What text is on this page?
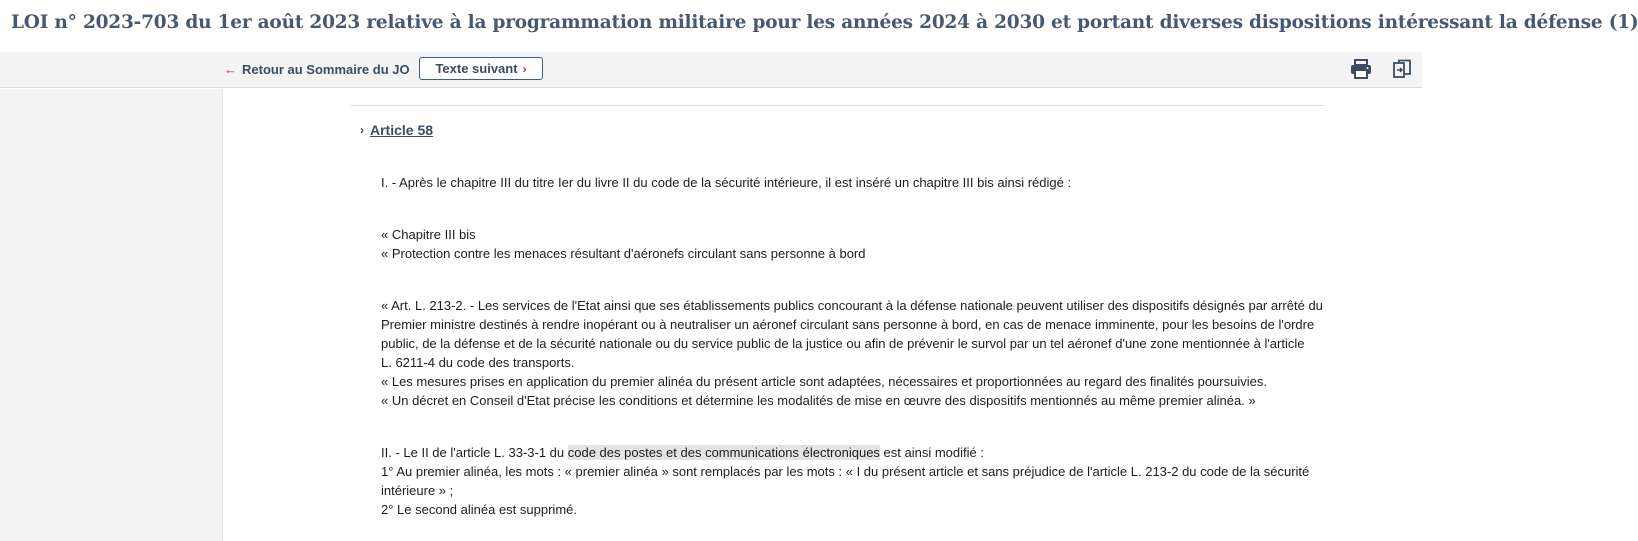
LOI n° 2023-703 du 1er août 2023 relative à la programmation militaire pour les années 2024 à 2030 et portant diverses dispositions intéressant la défense (1)
← Retour au Sommaire du JO Texte suivant ›
› Article 58
I. - Après le chapitre III du titre Ier du livre II du code de la sécurité intérieure, il est inséré un chapitre III bis ainsi rédigé :
« Chapitre III bis
« Protection contre les menaces résultant d'aéronefs circulant sans personne à bord
« Art. L. 213-2. - Les services de l'Etat ainsi que ses établissements publics concourant à la défense nationale peuvent utiliser des dispositifs désignés par arrêté du
Premier ministre destinés à rendre inopérant ou à neutraliser un aéronef circulant sans personne à bord, en cas de menace imminente, pour les besoins de l'ordre
public, de la défense et de la sécurité nationale ou du service public de la justice ou afin de prévenir le survol par un tel aéronef d'une zone mentionnée à l'article
L. 6211-4 du code des transports.
« Les mesures prises en application du premier alinéa du présent article sont adaptées, nécessaires et proportionnées au regard des finalités poursuivies.
« Un décret en Conseil d'Etat précise les conditions et détermine les modalités de mise en œuvre des dispositifs mentionnés au même premier alinéa. »
II. - Le II de l'article L. 33-3-1 du code des postes et des communications électroniques est ainsi modifié :
1° Au premier alinéa, les mots : « premier alinéa » sont remplacés par les mots : « I du présent article et sans préjudice de l'article L. 213-2 du code de la sécurité
intérieure » ;
2° Le second alinéa est supprimé.
